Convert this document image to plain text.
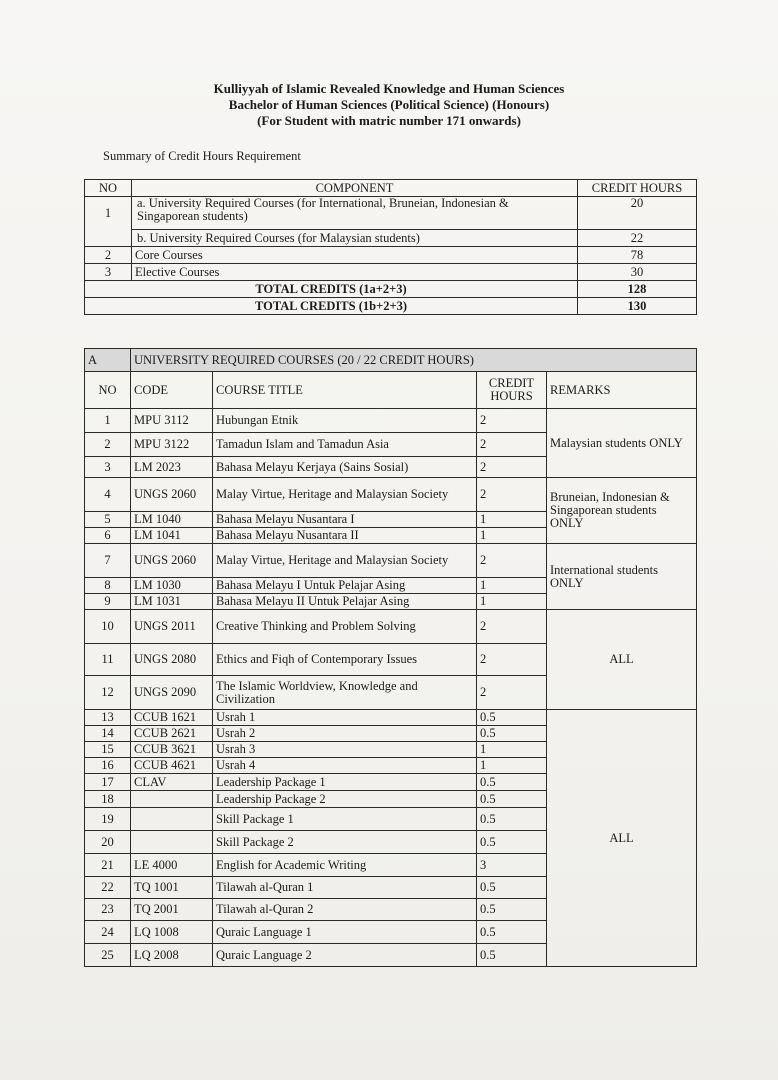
Kulliyyah of Islamic Revealed Knowledge and Human Sciences
Bachelor of Human Sciences (Political Science) (Honours)
(For Student with matric number 171 onwards)
Summary of Credit Hours Requirement
NO	COMPONENT	CREDIT HOURS
1	a. University Required Courses (for International, Bruneian, Indonesian & Singaporean students)	20
	b. University Required Courses (for Malaysian students)	22
2	Core Courses	78
3	Elective Courses	30
TOTAL CREDITS (1a+2+3)		128
TOTAL CREDITS (1b+2+3)		130
A	UNIVERSITY REQUIRED COURSES (20 / 22 CREDIT HOURS)			
NO	CODE	COURSE TITLE	CREDIT HOURS	REMARKS
1	MPU 3112	Hubungan Etnik	2	Malaysian students ONLY
2	MPU 3122	Tamadun Islam and Tamadun Asia	2	
3	LM 2023	Bahasa Melayu Kerjaya (Sains Sosial)	2	
4	UNGS 2060	Malay Virtue, Heritage and Malaysian Society	2	Bruneian, Indonesian & Singaporean students ONLY
5	LM 1040	Bahasa Melayu Nusantara I	1	
6	LM 1041	Bahasa Melayu Nusantara II	1	
7	UNGS 2060	Malay Virtue, Heritage and Malaysian Society	2	International students ONLY
8	LM 1030	Bahasa Melayu I Untuk Pelajar Asing	1	
9	LM 1031	Bahasa Melayu II Untuk Pelajar Asing	1	
10	UNGS 2011	Creative Thinking and Problem Solving	2	ALL
11	UNGS 2080	Ethics and Fiqh of Contemporary Issues	2	
12	UNGS 2090	The Islamic Worldview, Knowledge and Civilization	2	
13	CCUB 1621	Usrah 1	0.5	ALL
14	CCUB 2621	Usrah 2	0.5	
15	CCUB 3621	Usrah 3	1	
16	CCUB 4621	Usrah 4	1	
17	CLAV	Leadership Package 1	0.5	
18		Leadership Package 2	0.5	
19		Skill Package 1	0.5	
20		Skill Package 2	0.5	
21	LE 4000	English for Academic Writing	3	
22	TQ 1001	Tilawah al-Quran 1	0.5	
23	TQ 2001	Tilawah al-Quran 2	0.5	
24	LQ 1008	Quraic Language 1	0.5	
25	LQ 2008	Quraic Language 2	0.5	
